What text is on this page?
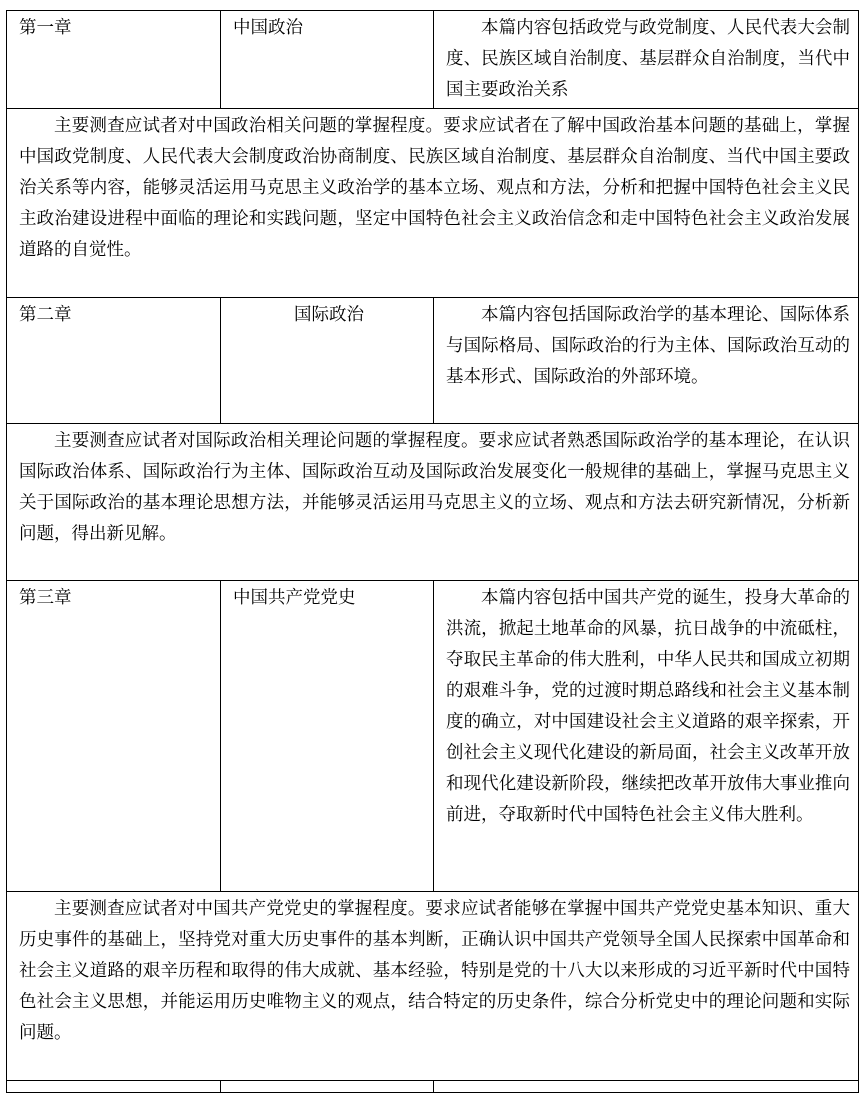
第一章	中国政治	本篇内容包括政党与政党制度、人民代表大会制度、民族区域自治制度、基层群众自治制度，当代中国主要政治关系

主要测查应试者对中国政治相关问题的掌握程度。要求应试者在了解中国政治基本问题的基础上，掌握中国政党制度、人民代表大会制度政治协商制度、民族区域自治制度、基层群众自治制度、当代中国主要政治关系等内容，能够灵活运用马克思主义政治学的基本立场、观点和方法，分析和把握中国特色社会主义民主政治建设进程中面临的理论和实践问题，坚定中国特色社会主义政治信念和走中国特色社会主义政治发展道路的自觉性。		

第二章	国际政治	本篇内容包括国际政治学的基本理论、国际体系与国际格局、国际政治的行为主体、国际政治互动的基本形式、国际政治的外部环境。

主要测查应试者对国际政治相关理论问题的掌握程度。要求应试者熟悉国际政治学的基本理论，在认识国际政治体系、国际政治行为主体、国际政治互动及国际政治发展变化一般规律的基础上，掌握马克思主义关于国际政治的基本理论思想方法，并能够灵活运用马克思主义的立场、观点和方法去研究新情况，分析新问题，得出新见解。		

第三章	中国共产党党史	本篇内容包括中国共产党的诞生，投身大革命的洪流，掀起土地革命的风暴，抗日战争的中流砥柱，夺取民主革命的伟大胜利，中华人民共和国成立初期的艰难斗争，党的过渡时期总路线和社会主义基本制度的确立，对中国建设社会主义道路的艰辛探索，开创社会主义现代化建设的新局面，社会主义改革开放和现代化建设新阶段，继续把改革开放伟大事业推向前进，夺取新时代中国特色社会主义伟大胜利。

主要测查应试者对中国共产党党史的掌握程度。要求应试者能够在掌握中国共产党党史基本知识、重大历史事件的基础上，坚持党对重大历史事件的基本判断，正确认识中国共产党领导全国人民探索中国革命和社会主义道路的艰辛历程和取得的伟大成就、基本经验，特别是党的十八大以来形成的习近平新时代中国特色社会主义思想，并能运用历史唯物主义的观点，结合特定的历史条件，综合分析党史中的理论问题和实际问题。		
